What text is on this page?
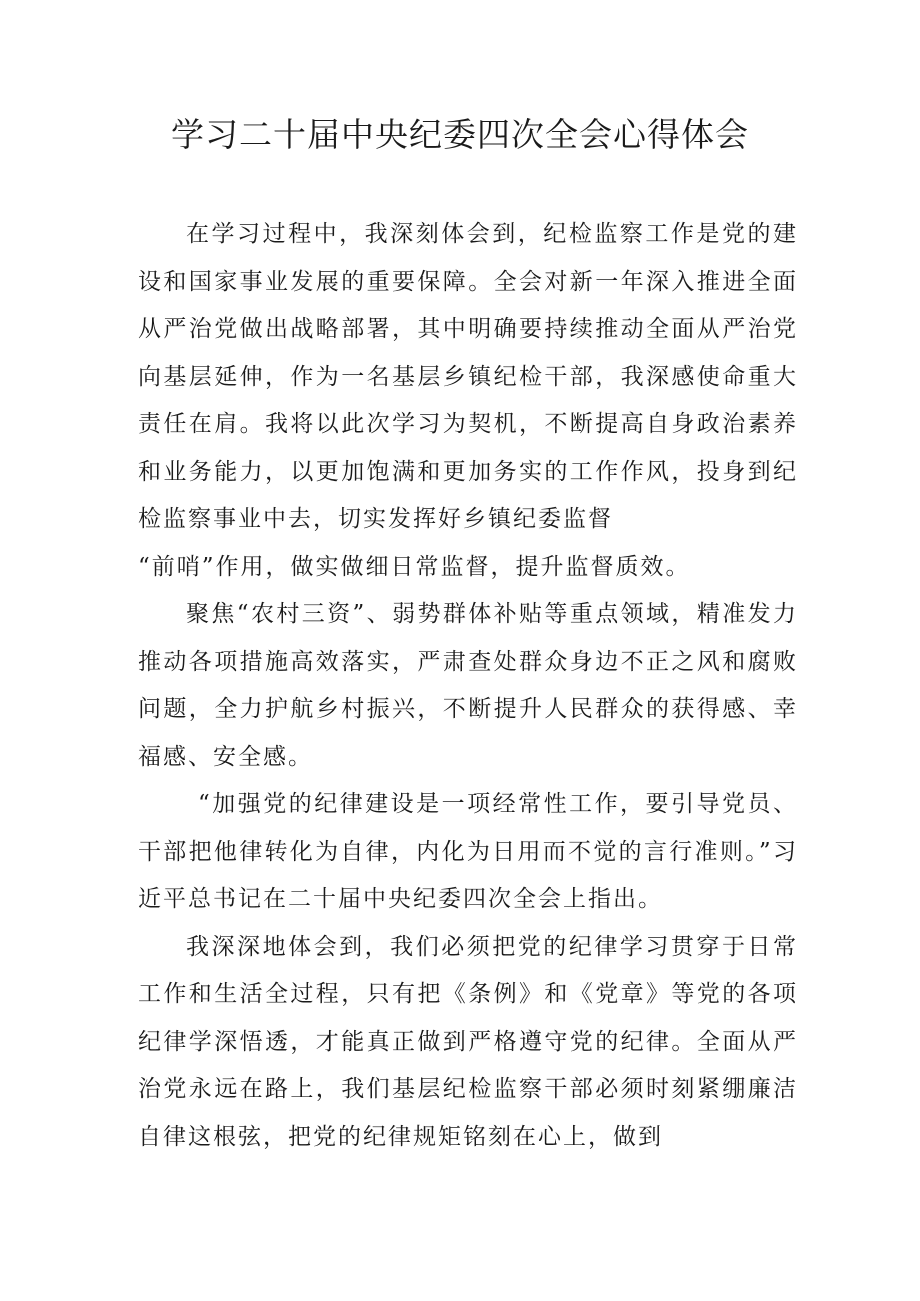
学习二十届中央纪委四次全会心得体会

在学习过程中，我深刻体会到，纪检监察工作是党的建设和国家事业发展的重要保障。全会对新一年深入推进全面从严治党做出战略部署，其中明确要持续推动全面从严治党向基层延伸，作为一名基层乡镇纪检干部，我深感使命重大责任在肩。我将以此次学习为契机，不断提高自身政治素养和业务能力，以更加饱满和更加务实的工作作风，投身到纪检监察事业中去，切实发挥好乡镇纪委监督

“前哨”作用，做实做细日常监督，提升监督质效。

聚焦“农村三资”、弱势群体补贴等重点领域，精准发力推动各项措施高效落实，严肃查处群众身边不正之风和腐败问题，全力护航乡村振兴，不断提升人民群众的获得感、幸福感、安全感。

“加强党的纪律建设是一项经常性工作，要引导党员、干部把他律转化为自律，内化为日用而不觉的言行准则。”习近平总书记在二十届中央纪委四次全会上指出。

我深深地体会到，我们必须把党的纪律学习贯穿于日常工作和生活全过程，只有把《条例》和《党章》等党的各项纪律学深悟透，才能真正做到严格遵守党的纪律。全面从严治党永远在路上，我们基层纪检监察干部必须时刻紧绷廉洁自律这根弦，把党的纪律规矩铭刻在心上，做到
